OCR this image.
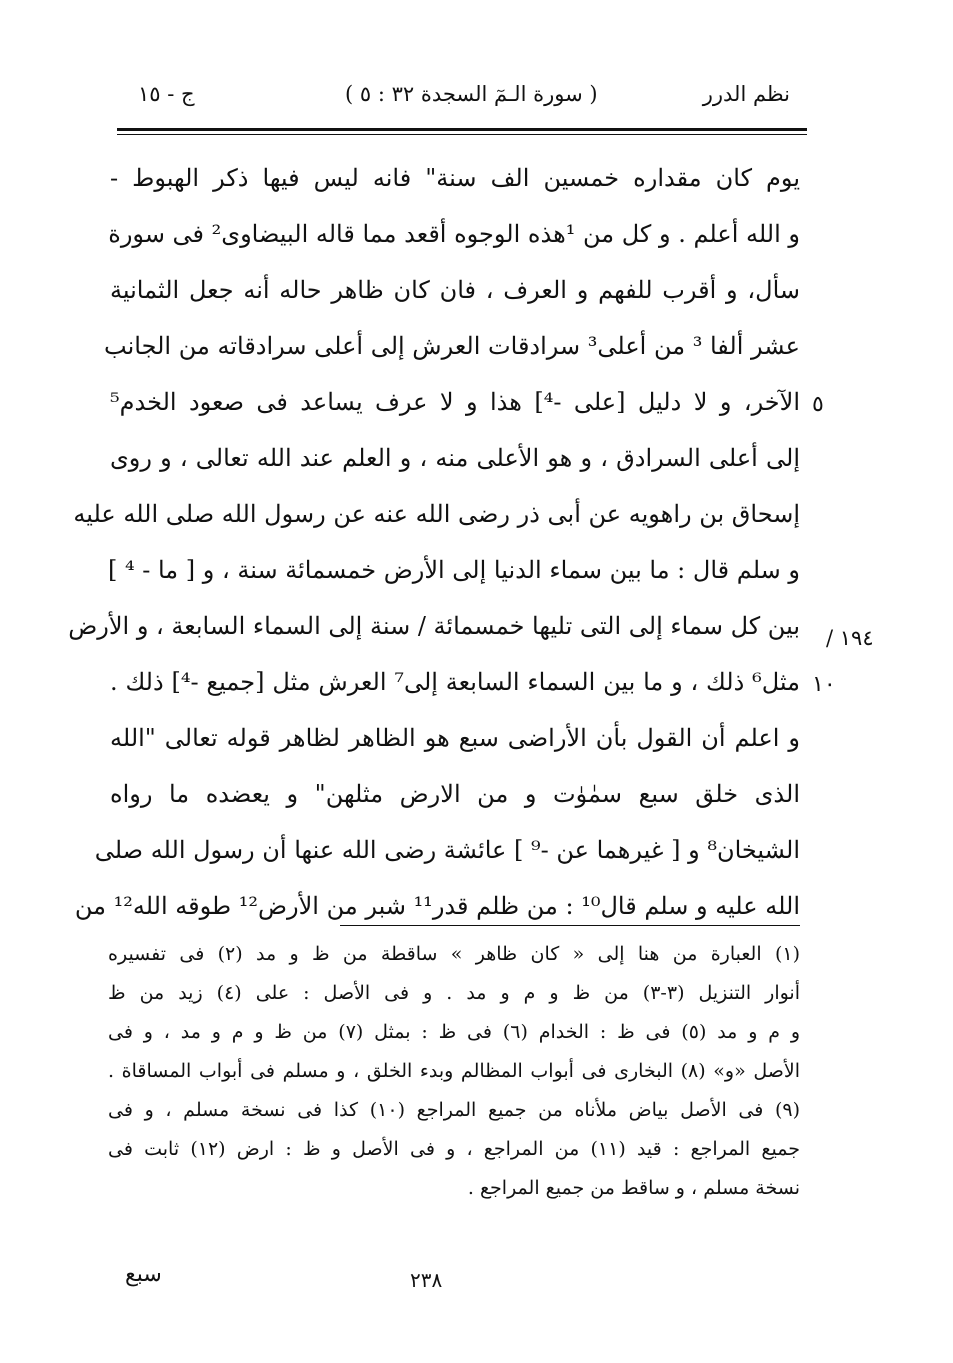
نظم الدرر
( سورة الـمٓ السجدة ٣٢ : ٥ )
ج - ١٥
يوم كان مقداره خمسين الف سنة" فانه ليس فيها ذكر الهبوط -
و الله أعلم . و كل من ¹هذه الوجوه أقعد مما قاله البيضاوى² فى سورة
سأل، و أقرب للفهم و العرف ، فان كان ظاهر حاله أنه جعل الثمانية
عشر ألفا ³ من أعلى³ سرادقات العرش إلى أعلى سرادقاته من الجانب
الآخر، و لا دليل [على -⁴] هذا و لا عرف يساعد فى صعود الخدم⁵
إلى أعلى السرادق ، و هو الأعلى منه ، و العلم عند الله تعالى ، و روى
إسحاق بن راهويه عن أبى ذر رضى الله عنه عن رسول الله صلى الله عليه
و سلم قال : ما بين سماء الدنيا إلى الأرض خمسمائة سنة ، و [ ما - ⁴ ]
بين كل سماء إلى التى تليها خمسمائة / سنة إلى السماء السابعة ، و الأرض
مثل⁶ ذلك ، و ما بين السماء السابعة إلى⁷ العرش مثل [جميع -⁴] ذلك .
و اعلم أن القول بأن الأراضى سبع هو الظاهر لظاهر قوله تعالى "الله
الذى خلق سبع سمٰوٰت و من الارض مثلهن" و يعضده ما رواه
الشيخان⁸ و [ غيرهما عن -⁹ ] عائشة رضى الله عنها أن رسول الله صلى
الله عليه و سلم قال¹⁰ : من ظلم قدر¹¹ شبر من الأرض¹² طوقه الله¹² من
٥
١٠
/ ١٩٤
(١) العبارة من هنا إلى « كان ظاهر » ساقطة من ظ و مد (٢) فى تفسيره
أنوار التنزيل (٣-٣) من ظ و م و مد . و فى الأصل : على (٤) زيد من ظ
و م و مد (٥) فى ظ : الخدام (٦) فى ظ : بمثل (٧) من ظ و م و مد ، و فى
الأصل «و» (٨) البخارى فى أبواب المظالم وبدء الخلق ، و مسلم فى أبواب المساقاة .
(٩) فى الأصل بياض ملأناه من جميع المراجع (١٠) كذا فى نسخة مسلم ، و فى
جميع المراجع : قيد (١١) من المراجع ، و فى الأصل و ظ : ارض (١٢) ثابت فى
نسخة مسلم ، و ساقط من جميع المراجع .
سبع	٢٣٨
